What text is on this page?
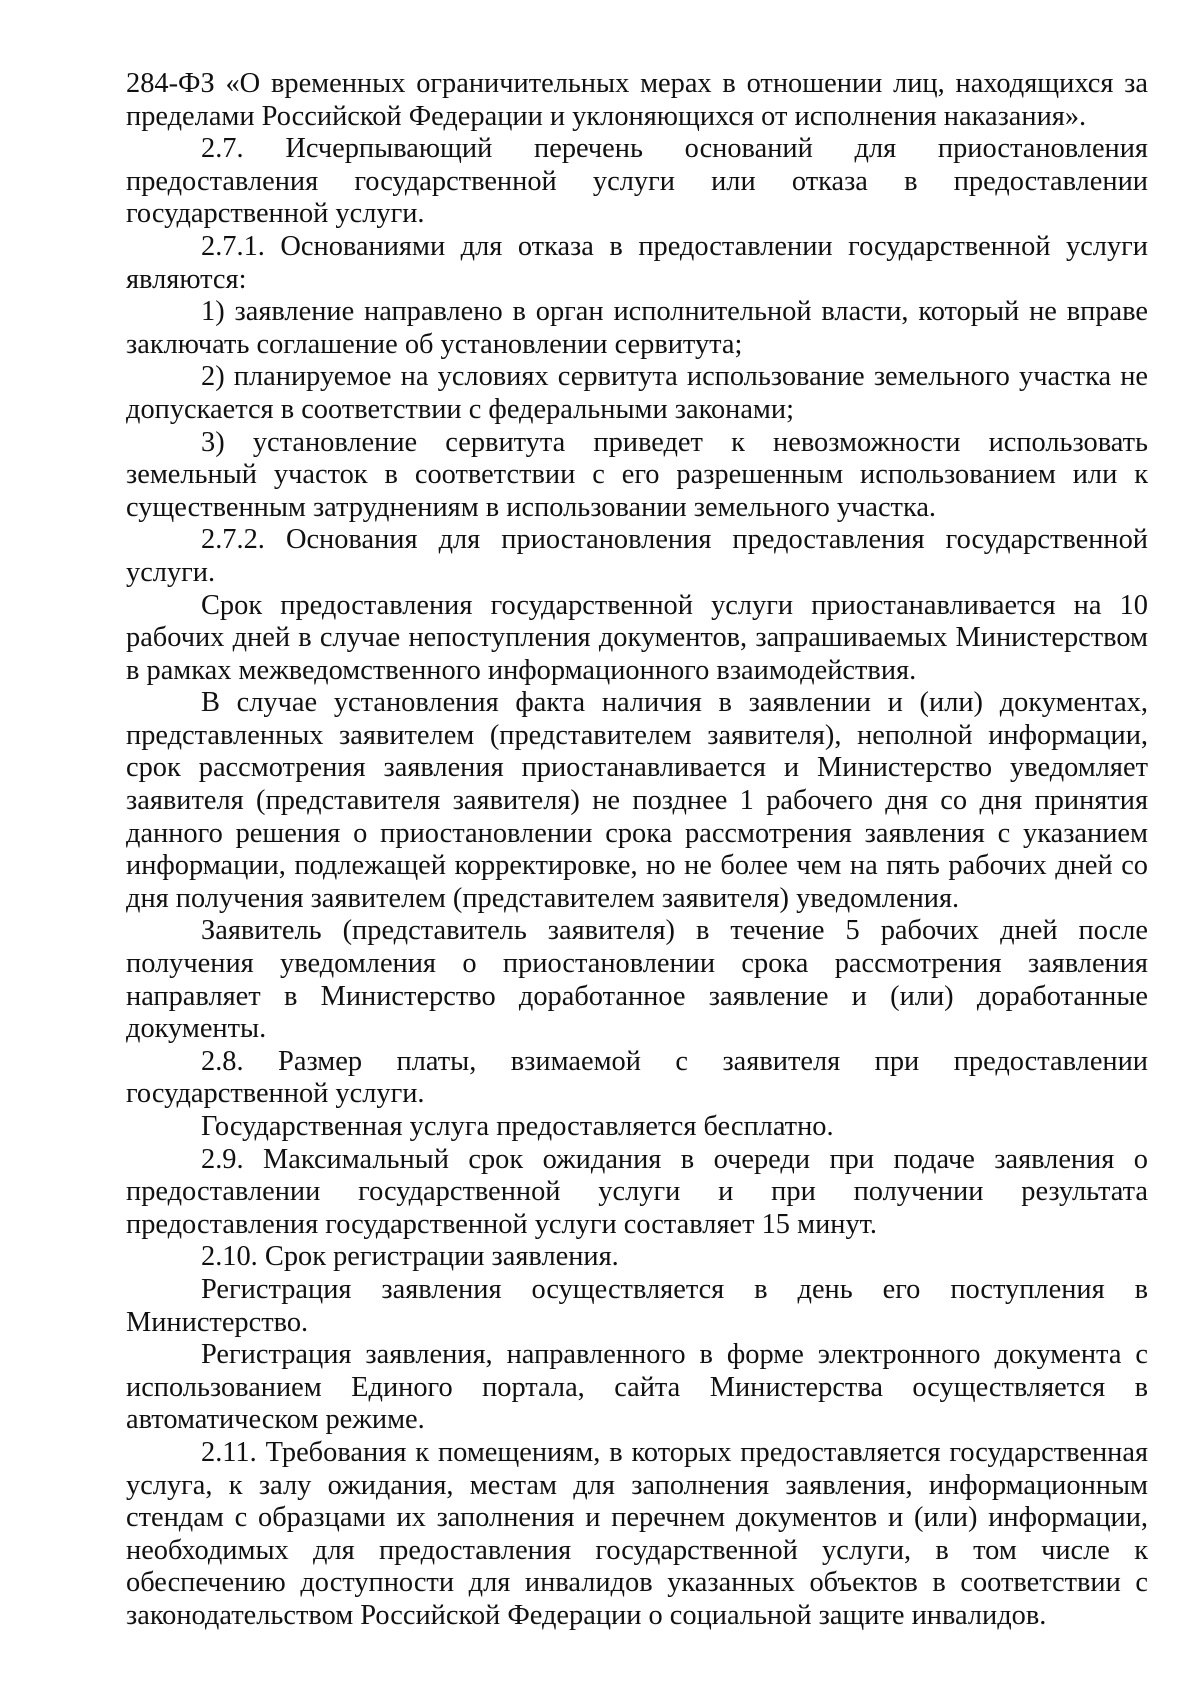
284-ФЗ «О временных ограничительных мерах в отношении лиц, находящихся за пределами Российской Федерации и уклоняющихся от исполнения наказания».

2.7. Исчерпывающий перечень оснований для приостановления предоставления государственной услуги или отказа в предоставлении государственной услуги.

2.7.1. Основаниями для отказа в предоставлении государственной услуги являются:

1) заявление направлено в орган исполнительной власти, который не вправе заключать соглашение об установлении сервитута;

2) планируемое на условиях сервитута использование земельного участка не допускается в соответствии с федеральными законами;

3) установление сервитута приведет к невозможности использовать земельный участок в соответствии с его разрешенным использованием или к существенным затруднениям в использовании земельного участка.

2.7.2. Основания для приостановления предоставления государственной услуги.

Срок предоставления государственной услуги приостанавливается на 10 рабочих дней в случае непоступления документов, запрашиваемых Министерством в рамках межведомственного информационного взаимодействия.

В случае установления факта наличия в заявлении и (или) документах, представленных заявителем (представителем заявителя), неполной информации, срок рассмотрения заявления приостанавливается и Министерство уведомляет заявителя (представителя заявителя) не позднее 1 рабочего дня со дня принятия данного решения о приостановлении срока рассмотрения заявления с указанием информации, подлежащей корректировке, но не более чем на пять рабочих дней со дня получения заявителем (представителем заявителя) уведомления.

Заявитель (представитель заявителя) в течение 5 рабочих дней после получения уведомления о приостановлении срока рассмотрения заявления направляет в Министерство доработанное заявление и (или) доработанные документы.

2.8. Размер платы, взимаемой с заявителя при предоставлении государственной услуги.

Государственная услуга предоставляется бесплатно.

2.9. Максимальный срок ожидания в очереди при подаче заявления о предоставлении государственной услуги и при получении результата предоставления государственной услуги составляет 15 минут.

2.10. Срок регистрации заявления.

Регистрация заявления осуществляется в день его поступления в Министерство.

Регистрация заявления, направленного в форме электронного документа с использованием Единого портала, сайта Министерства осуществляется в автоматическом режиме.

2.11. Требования к помещениям, в которых предоставляется государственная услуга, к залу ожидания, местам для заполнения заявления, информационным стендам с образцами их заполнения и перечнем документов и (или) информации, необходимых для предоставления государственной услуги, в том числе к обеспечению доступности для инвалидов указанных объектов в соответствии с законодательством Российской Федерации о социальной защите инвалидов.
